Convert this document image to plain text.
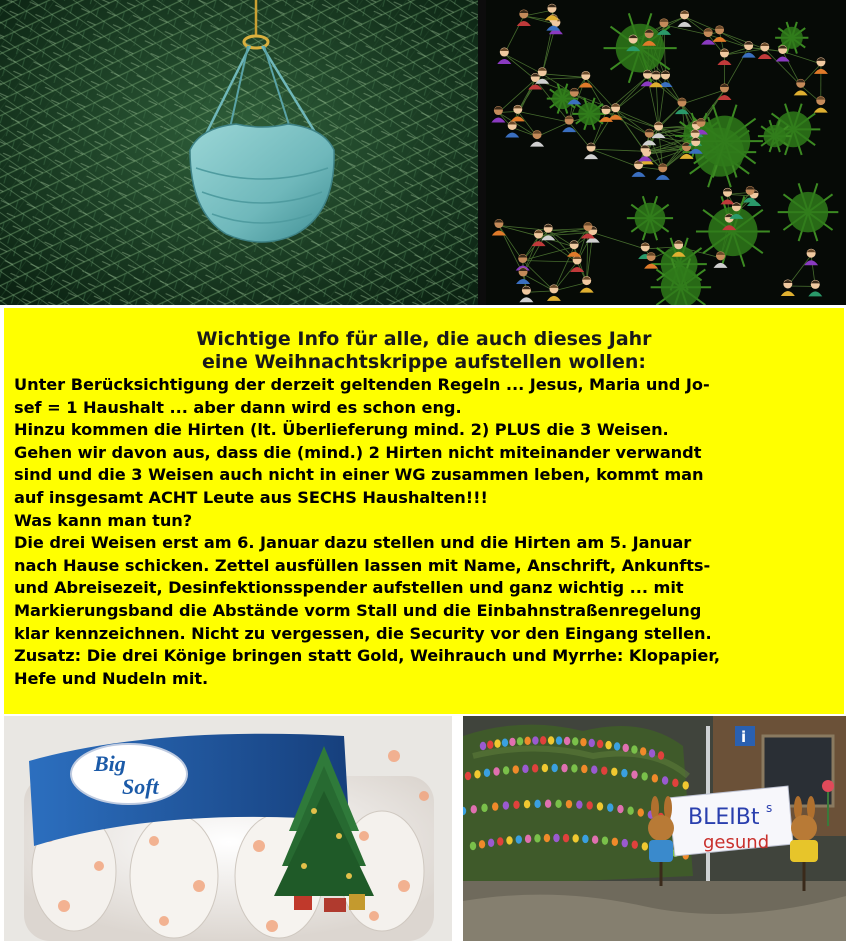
Wichtige Info für alle, die auch dieses Jahr

eine Weihnachtskrippe aufstellen wollen:

Unter Berücksichtigung der derzeit geltenden Regeln ... Jesus, Maria und Jo-

sef = 1 Haushalt ... aber dann wird es schon eng.

Hinzu kommen die Hirten (lt. Überlieferung mind. 2) PLUS die 3 Weisen.

Gehen wir davon aus, dass die (mind.) 2 Hirten nicht miteinander verwandt

sind und die 3 Weisen auch nicht in einer WG zusammen leben, kommt man

auf insgesamt ACHT Leute aus SECHS Haushalten!!!

Was kann man tun?

Die drei Weisen erst am 6. Januar dazu stellen und die Hirten am 5. Januar

nach Hause schicken. Zettel ausfüllen lassen mit Name, Anschrift, Ankunfts-

und Abreisezeit, Desinfektionsspender aufstellen und ganz wichtig ... mit

Markierungsband die Abstände vorm Stall und die Einbahnstraßenregelung

klar kennzeichnen. Nicht zu vergessen, die Security vor den Eingang stellen.

Zusatz: Die drei Könige bringen statt Gold, Weihrauch und Myrrhe: Klopapier,

Hefe und Nudeln mit.

Big
Soft
i
BLEIBt s
gesund
